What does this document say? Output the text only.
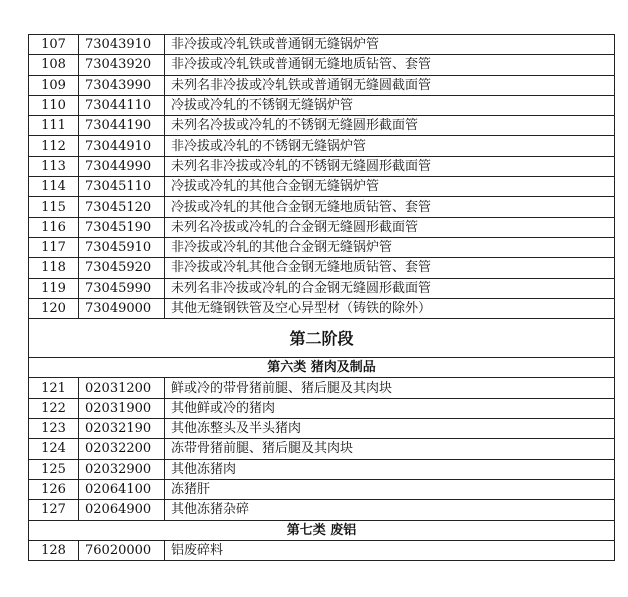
107	73043910	非冷拔或冷轧铁或普通钢无缝锅炉管
108	73043920	非冷拔或冷轧铁或普通钢无缝地质钻管、套管
109	73043990	未列名非冷拔或冷轧铁或普通钢无缝圆截面管
110	73044110	冷拔或冷轧的不锈钢无缝锅炉管
111	73044190	未列名冷拔或冷轧的不锈钢无缝圆形截面管
112	73044910	非冷拔或冷轧的不锈钢无缝锅炉管
113	73044990	未列名非冷拔或冷轧的不锈钢无缝圆形截面管
114	73045110	冷拔或冷轧的其他合金钢无缝锅炉管
115	73045120	冷拔或冷轧的其他合金钢无缝地质钻管、套管
116	73045190	未列名冷拔或冷轧的合金钢无缝圆形截面管
117	73045910	非冷拔或冷轧的其他合金钢无缝锅炉管
118	73045920	非冷拔或冷轧其他合金钢无缝地质钻管、套管
119	73045990	未列名非冷拔或冷轧的合金钢无缝圆形截面管
120	73049000	其他无缝钢铁管及空心异型材（铸铁的除外）
第二阶段		
第六类 猪肉及制品		
121	02031200	鲜或冷的带骨猪前腿、猪后腿及其肉块
122	02031900	其他鲜或冷的猪肉
123	02032190	其他冻整头及半头猪肉
124	02032200	冻带骨猪前腿、猪后腿及其肉块
125	02032900	其他冻猪肉
126	02064100	冻猪肝
127	02064900	其他冻猪杂碎
第七类 废铝		
128	76020000	铝废碎料
